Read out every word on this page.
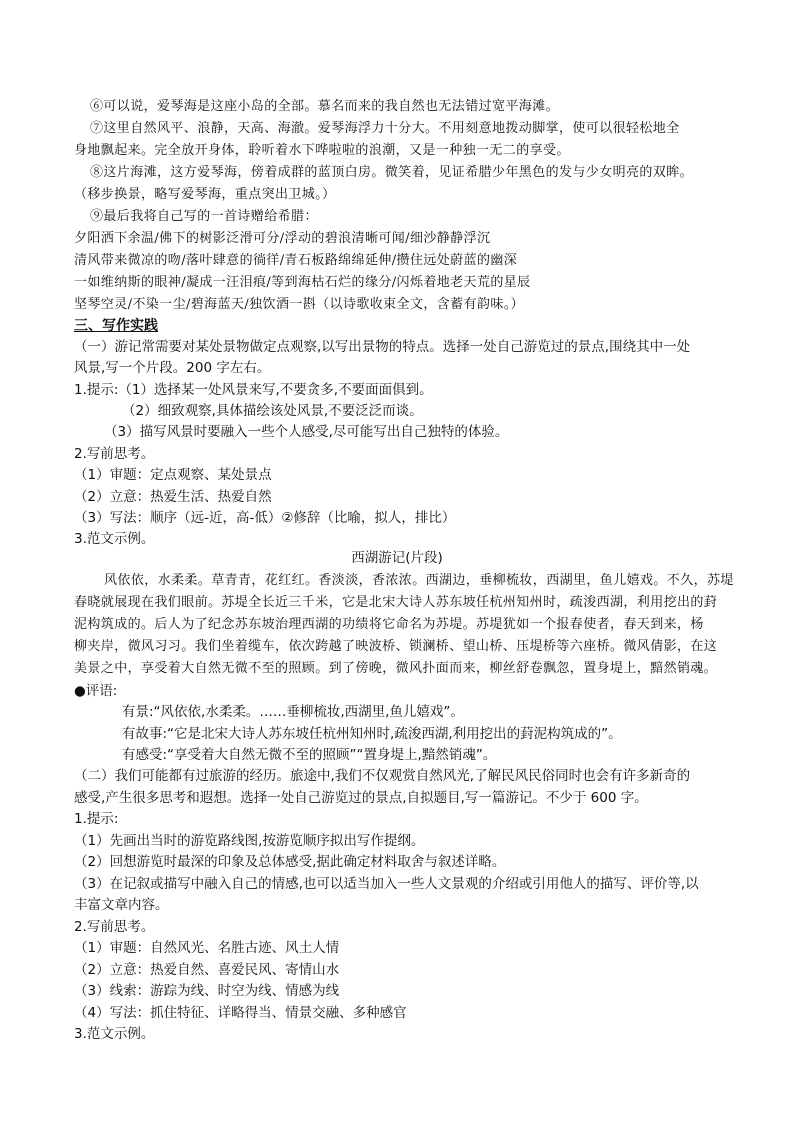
⑥可以说，爱琴海是这座小岛的全部。慕名而来的我自然也无法错过宽平海滩。
⑦这里自然风平、浪静，天高、海澈。爱琴海浮力十分大。不用刻意地拨动脚掌，使可以很轻松地全
身地飘起来。完全放开身体，聆听着水下哗啦啦的浪潮，又是一种独一无二的享受。
⑧这片海滩，这方爱琴海，傍着成群的蓝顶白房。微笑着，见证希腊少年黑色的发与少女明亮的双眸。
（移步换景，略写爱琴海，重点突出卫城。）
⑨最后我将自己写的一首诗赠给希腊：
夕阳洒下余温/佛下的树影泛滑可分/浮动的碧浪清晰可闻/细沙静静浮沉
清风带来微凉的吻/落叶肆意的徜徉/青石板路绵绵延伸/攒住远处蔚蓝的幽深
一如维纳斯的眼神/凝成一汪泪痕/等到海枯石烂的缘分/闪烁着地老天荒的星辰
坚琴空灵/不染一尘/碧海蓝天/独饮酒一斟（以诗歌收束全文，含蓄有韵味。）
三、写作实践
（一）游记常需要对某处景物做定点观察,以写出景物的特点。选择一处自己游览过的景点,围绕其中一处
风景,写一个片段。200 字左右。
1.提示:（1）选择某一处风景来写,不要贪多,不要面面俱到。
（2）细致观察,具体描绘该处风景,不要泛泛而谈。
（3）描写风景时要融入一些个人感受,尽可能写出自己独特的体验。
2.写前思考。
（1）审题：定点观察、某处景点
（2）立意：热爱生活、热爱自然
（3）写法：顺序（远-近，高-低）②修辞（比喻，拟人，排比）
3.范文示例。
西湖游记(片段)
风依依，水柔柔。草青青，花红红。香淡淡，香浓浓。西湖边，垂柳梳妆，西湖里，鱼儿嬉戏。不久，苏堤
春晓就展现在我们眼前。苏堤全长近三千米，它是北宋大诗人苏东坡任杭州知州时，疏浚西湖，利用挖出的葑
泥构筑成的。后人为了纪念苏东坡治理西湖的功绩将它命名为苏堤。苏堤犹如一个报春使者，春天到来，杨
柳夹岸，微风习习。我们坐着缆车，依次跨越了映波桥、锁澜桥、望山桥、压堤桥等六座桥。微风倩影，在这
美景之中，享受着大自然无微不至的照顾。到了傍晚，微风扑面而来，柳丝舒卷飘忽，置身堤上，黯然销魂。
●评语:
有景:“风依依,水柔柔。……垂柳梳妆,西湖里,鱼儿嬉戏”。
有故事:“它是北宋大诗人苏东坡任杭州知州时,疏浚西湖,利用挖出的葑泥构筑成的”。
有感受:“享受着大自然无微不至的照顾”“置身堤上,黯然销魂”。
（二）我们可能都有过旅游的经历。旅途中,我们不仅观赏自然风光,了解民风民俗同时也会有许多新奇的
感受,产生很多思考和遐想。选择一处自己游览过的景点,自拟题目,写一篇游记。不少于 600 字。
1.提示:
（1）先画出当时的游览路线图,按游览顺序拟出写作提纲。
（2）回想游览时最深的印象及总体感受,据此确定材料取舍与叙述详略。
（3）在记叙或描写中融入自己的情感,也可以适当加入一些人文景观的介绍或引用他人的描写、评价等,以
丰富文章内容。
2.写前思考。
（1）审题：自然风光、名胜古迹、风土人情
（2）立意：热爱自然、喜爱民风、寄情山水
（3）线索：游踪为线、时空为线、情感为线
（4）写法：抓住特征、详略得当、情景交融、多种感官
3.范文示例。
